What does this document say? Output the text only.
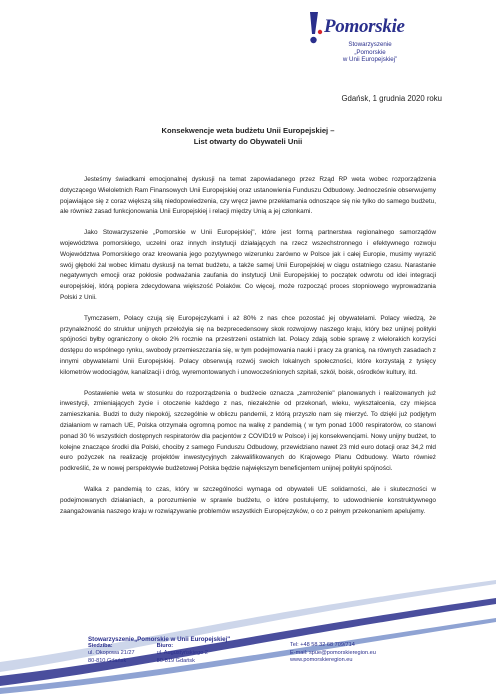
Pomorskie
Stowarzyszenie
„Pomorskie
w Unii Europejskiej”
Gdańsk, 1 grudnia 2020 roku
Konsekwencje weta budżetu Unii Europejskiej –
List otwarty do Obywateli Unii

Jesteśmy świadkami emocjonalnej dyskusji na temat zapowiadanego przez Rząd RP weta wobec rozporządzenia dotyczącego Wieloletnich Ram Finansowych Unii Europejskiej oraz ustanowienia Funduszu Odbudowy. Jednocześnie obserwujemy pojawiające się z coraz większą siłą niedopowiedzenia, czy wręcz jawne przekłamania odnoszące się nie tylko do samego budżetu, ale również zasad funkcjonowania Unii Europejskiej i relacji między Unią a jej członkami.

Jako Stowarzyszenie „Pomorskie w Unii Europejskiej", które jest formą partnerstwa regionalnego samorządów województwa pomorskiego, uczelni oraz innych instytucji działających na rzecz wszechstronnego i efektywnego rozwoju Województwa Pomorskiego oraz kreowania jego pozytywnego wizerunku zarówno w Polsce jak i całej Europie, musimy wyrazić swój głęboki żal wobec klimatu dyskusji na temat budżetu, a także samej Unii Europejskiej w ciągu ostatniego czasu. Narastanie negatywnych emocji oraz pokłosie podważania zaufania do instytucji Unii Europejskiej to początek odwrotu od idei integracji europejskiej, którą popiera zdecydowana większość Polaków. Co więcej, może rozpocząć proces stopniowego wyprowadzania Polski z Unii.

Tymczasem, Polacy czują się Europejczykami i aż 80% z nas chce pozostać jej obywatelami. Polacy wiedzą, że przynależność do struktur unijnych przełożyła się na bezprecedensowy skok rozwojowy naszego kraju, który bez unijnej polityki spójności byłby ograniczony o około 2% rocznie na przestrzeni ostatnich lat. Polacy zdają sobie sprawę z wielorakich korzyści dostępu do wspólnego rynku, swobody przemieszczania się, w tym podejmowania nauki i pracy za granicą, na równych zasadach z innymi obywatelami Unii Europejskiej. Polacy obserwują rozwój swoich lokalnych społeczności, które korzystają z tysięcy kilometrów wodociągów, kanalizacji i dróg, wyremontowanych i unowocześnionych szpitali, szkół, boisk, ośrodków kultury, itd.

Postawienie weta w stosunku do rozporządzenia o budżecie oznacza „zamrożenie" planowanych i realizowanych już inwestycji, zmieniających życie i otoczenie każdego z nas, niezależnie od przekonań, wieku, wykształcenia, czy miejsca zamieszkania. Budzi to duży niepokój, szczególnie w obliczu pandemii, z którą przyszło nam się mierzyć. To dzięki już podjętym działaniom w ramach UE, Polska otrzymała ogromną pomoc na walkę z pandemią ( w tym ponad 1000 respiratorów, co stanowi ponad 30 % wszystkich dostępnych respiratorów dla pacjentów z COVID19 w Polsce) i jej konsekwencjami. Nowy unijny budżet, to kolejne znaczące środki dla Polski, chociby z samego Funduszu Odbudowy, przewidziano nawet 23 mld euro dotacji oraz 34,2 mld euro pożyczek na realizację projektów inwestycyjnych zakwalifikowanych do Krajowego Planu Odbudowy. Warto również podkreślić, że w nowej perspektywie budżetowej Polska będzie największym beneficjentem unijnej polityki spójności.

Walka z pandemią to czas, który w szczególności wymaga od obywateli UE solidarności, ale i skuteczności w podejmowanych działaniach, a porozumienie w sprawie budżetu, o które postulujemy, to udowodnienie konstruktywnego zaangażowania naszego kraju w rozwiązywanie problemów wszystkich Europejczyków, o co z pełnym przekonaniem apelujemy.

Stowarzyszenie„Pomorskie w Unii Europejskiej"
Siedziba:
ul. Okopowa 21/27
80-810 Gdańsk
Biuro:
ul. Augustyńskiego 2
80-819 Gdańsk
Tel: +48 58 32 68 709/714
E-mail: spue@pomorskieregion.eu
www.pomorskieregion.eu
